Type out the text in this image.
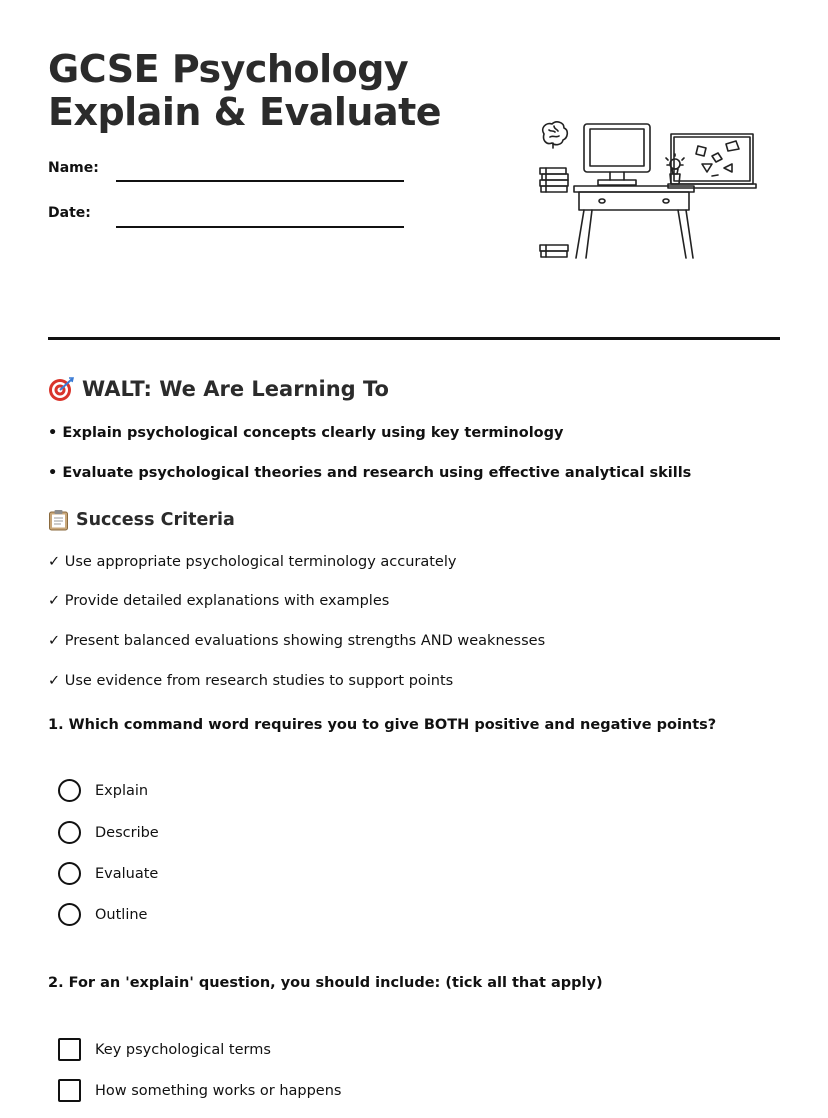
GCSE Psychology
Explain & Evaluate
Name:
Date:
WALT: We Are Learning To
• Explain psychological concepts clearly using key terminology
• Evaluate psychological theories and research using effective analytical skills
Success Criteria
✓ Use appropriate psychological terminology accurately
✓ Provide detailed explanations with examples
✓ Present balanced evaluations showing strengths AND weaknesses
✓ Use evidence from research studies to support points
1. Which command word requires you to give BOTH positive and negative points?
Explain
Describe
Evaluate
Outline
2. For an 'explain' question, you should include: (tick all that apply)
Key psychological terms
How something works or happens
